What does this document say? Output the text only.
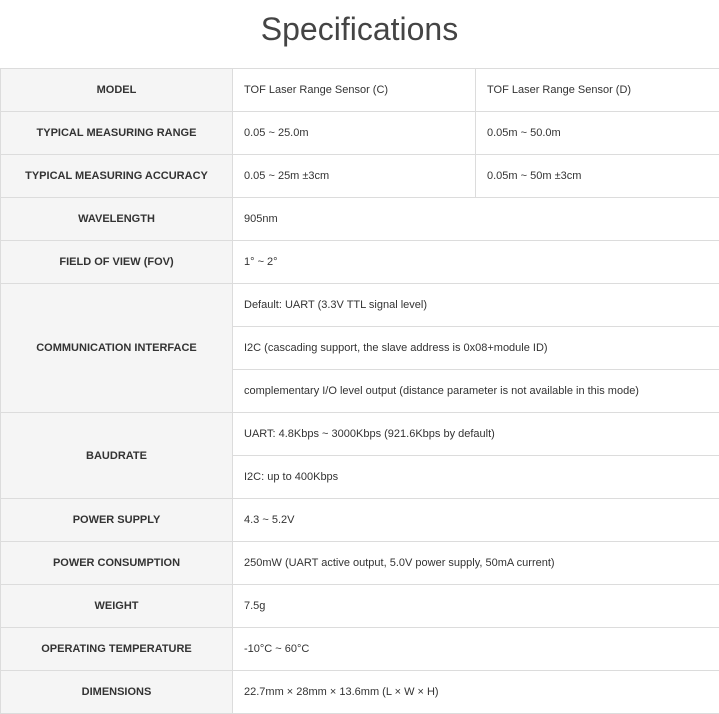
Specifications
MODEL	TOF Laser Range Sensor (C)	TOF Laser Range Sensor (D)
TYPICAL MEASURING RANGE	0.05 ~ 25.0m	0.05m ~ 50.0m
TYPICAL MEASURING ACCURACY	0.05 ~ 25m ±3cm	0.05m ~ 50m ±3cm
WAVELENGTH	905nm	
FIELD OF VIEW (FOV)	1° ~ 2°	
COMMUNICATION INTERFACE	Default: UART (3.3V TTL signal level)	
	I2C (cascading support, the slave address is 0x08+module ID)	
	complementary I/O level output (distance parameter is not available in this mode)	
BAUDRATE	UART: 4.8Kbps ~ 3000Kbps (921.6Kbps by default)	
	I2C: up to 400Kbps	
POWER SUPPLY	4.3 ~ 5.2V	
POWER CONSUMPTION	250mW (UART active output, 5.0V power supply, 50mA current)	
WEIGHT	7.5g	
OPERATING TEMPERATURE	-10°C ~ 60°C	
DIMENSIONS	22.7mm × 28mm × 13.6mm (L × W × H)	
